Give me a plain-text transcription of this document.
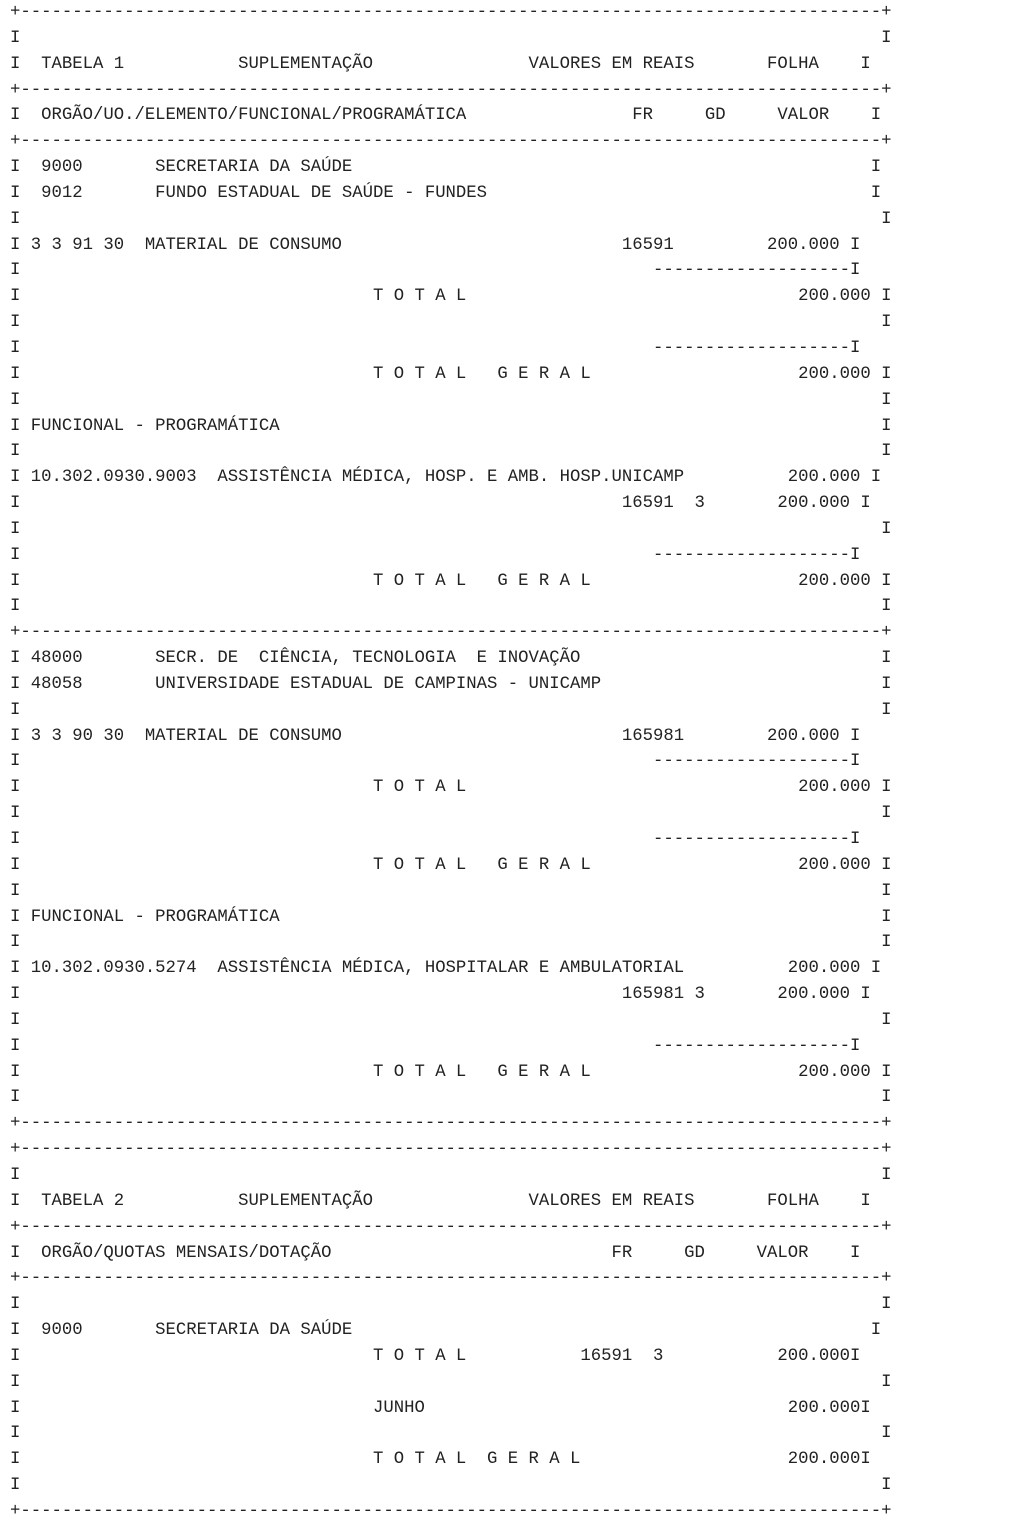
+-----------------------------------------------------------------------------------+
I                                                                                   I
I  TABELA 1           SUPLEMENTAÇÃO               VALORES EM REAIS       FOLHA    I
+-----------------------------------------------------------------------------------+
I  ORGÃO/UO./ELEMENTO/FUNCIONAL/PROGRAMÁTICA                FR     GD     VALOR    I
+-----------------------------------------------------------------------------------+
I  9000       SECRETARIA DA SAÚDE                                                  I
I  9012       FUNDO ESTADUAL DE SAÚDE - FUNDES                                     I
I                                                                                   I
I 3 3 91 30  MATERIAL DE CONSUMO                           16591         200.000 I
I                                                             -------------------I
I                                  T O T A L                                200.000 I
I                                                                                   I
I                                                             -------------------I
I                                  T O T A L   G E R A L                    200.000 I
I                                                                                   I
I FUNCIONAL - PROGRAMÁTICA                                                          I
I                                                                                   I
I 10.302.0930.9003  ASSISTÊNCIA MÉDICA, HOSP. E AMB. HOSP.UNICAMP          200.000 I
I                                                          16591  3       200.000 I
I                                                                                   I
I                                                             -------------------I
I                                  T O T A L   G E R A L                    200.000 I
I                                                                                   I
+-----------------------------------------------------------------------------------+
I 48000       SECR. DE  CIÊNCIA, TECNOLOGIA  E INOVAÇÃO                             I
I 48058       UNIVERSIDADE ESTADUAL DE CAMPINAS - UNICAMP                           I
I                                                                                   I
I 3 3 90 30  MATERIAL DE CONSUMO                           165981        200.000 I
I                                                             -------------------I
I                                  T O T A L                                200.000 I
I                                                                                   I
I                                                             -------------------I
I                                  T O T A L   G E R A L                    200.000 I
I                                                                                   I
I FUNCIONAL - PROGRAMÁTICA                                                          I
I                                                                                   I
I 10.302.0930.5274  ASSISTÊNCIA MÉDICA, HOSPITALAR E AMBULATORIAL          200.000 I
I                                                          165981 3       200.000 I
I                                                                                   I
I                                                             -------------------I
I                                  T O T A L   G E R A L                    200.000 I
I                                                                                   I
+-----------------------------------------------------------------------------------+
+-----------------------------------------------------------------------------------+
I                                                                                   I
I  TABELA 2           SUPLEMENTAÇÃO               VALORES EM REAIS       FOLHA    I
+-----------------------------------------------------------------------------------+
I  ORGÃO/QUOTAS MENSAIS/DOTAÇÃO                           FR     GD     VALOR    I
+-----------------------------------------------------------------------------------+
I                                                                                   I
I  9000       SECRETARIA DA SAÚDE                                                  I
I                                  T O T A L           16591  3           200.000I
I                                                                                   I
I                                  JUNHO                                   200.000I
I                                                                                   I
I                                  T O T A L  G E R A L                    200.000I
I                                                                                   I
+-----------------------------------------------------------------------------------+
